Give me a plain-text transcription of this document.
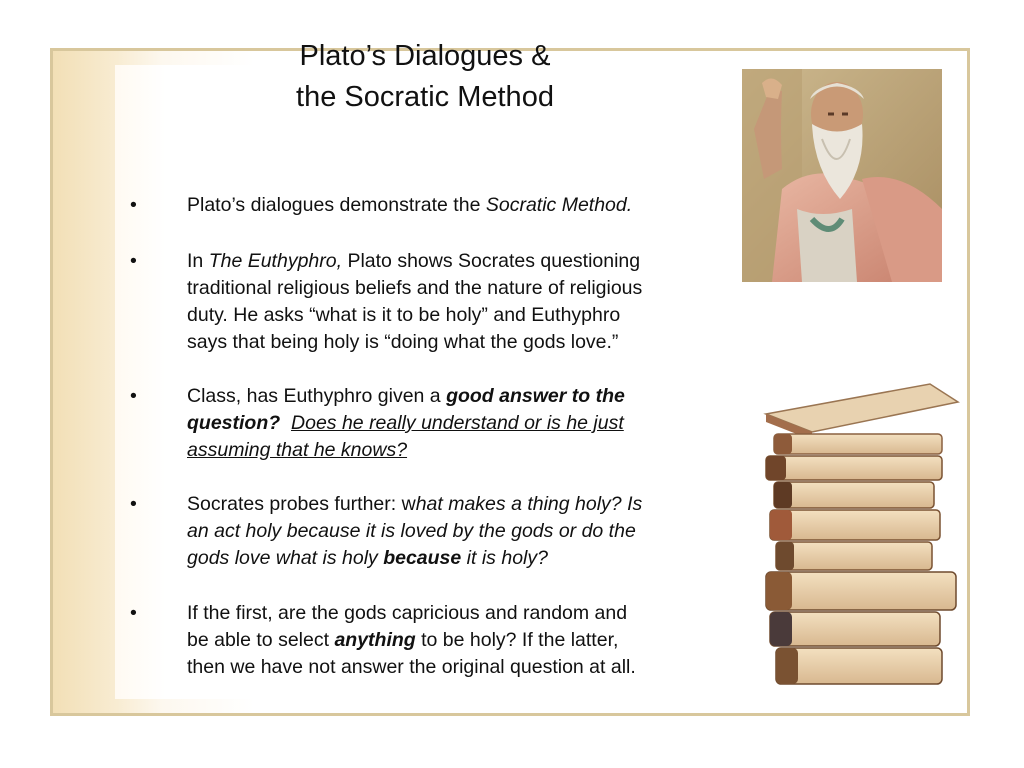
Plato’s Dialogues &
the Socratic Method
•	Plato’s dialogues demonstrate the Socratic Method.
•	In The Euthyphro, Plato shows Socrates questioning
traditional religious beliefs and the nature of religious
duty. He asks “what is it to be holy” and Euthyphro
says that being holy is “doing what the gods love.”
•	Class, has Euthyphro given a good answer to the
question? Does he really understand or is he just
assuming that he knows?
•	Socrates probes further: what makes a thing holy? Is
an act holy because it is loved by the gods or do the
gods love what is holy because it is holy?
•	If the first, are the gods capricious and random and
be able to select anything to be holy? If the latter,
then we have not answer the original question at all.
